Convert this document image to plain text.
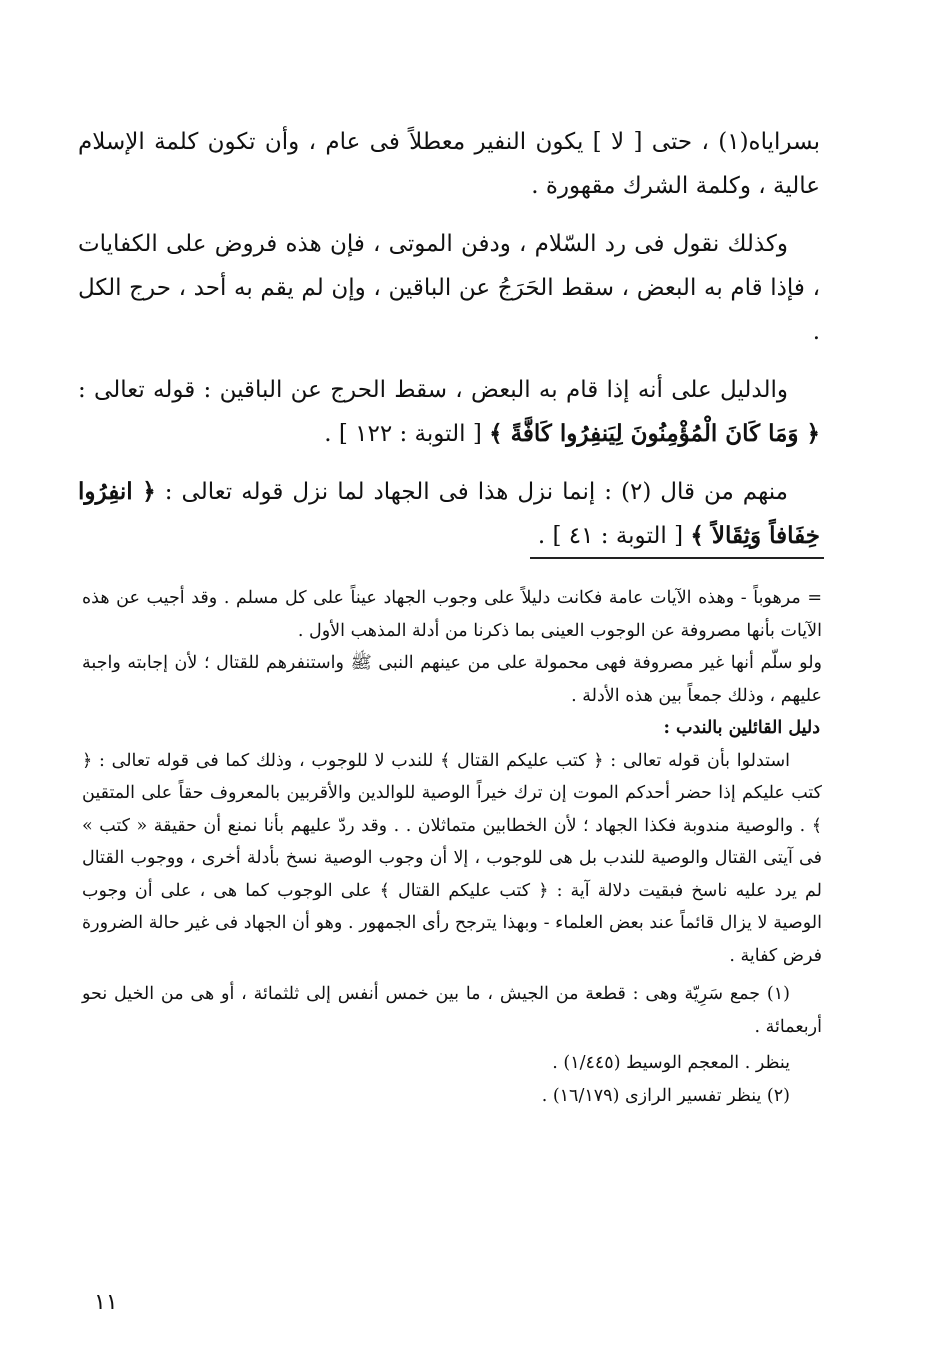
بسراياه(١) ، حتى [ لا ] يكون النفير معطلاً فى عام ، وأن تكون كلمة الإسلام عالية ، وكلمة الشرك مقهورة .

وكذلك نقول فى رد السّلام ، ودفن الموتى ، فإن هذه فروض على الكفايات ، فإذا قام به البعض ، سقط الحَرَجُ عن الباقين ، وإن لم يقم به أحد ، حرج الكل .

والدليل على أنه إذا قام به البعض ، سقط الحرج عن الباقين : قوله تعالى : ﴿ وَمَا كَانَ الْمُؤْمِنُونَ لِيَنفِرُوا كَافَّةً ﴾ [ التوبة : ١٢٢ ] .

منهم من قال (٢) : إنما نزل هذا فى الجهاد لما نزل قوله تعالى : ﴿ انفِرُوا خِفَافاً وَثِقَالاً ﴾ [ التوبة : ٤١ ] .

= مرهوباً - وهذه الآيات عامة فكانت دليلاً على وجوب الجهاد عيناً على كل مسلم . وقد أجيب عن هذه الآيات بأنها مصروفة عن الوجوب العينى بما ذكرنا من أدلة المذهب الأول .

ولو سلّم أنها غير مصروفة فهى محمولة على من عينهم النبى ﷺ واستنفرهم للقتال ؛ لأن إجابته واجبة عليهم ، وذلك جمعاً بين هذه الأدلة .

دليل القائلين بالندب :

استدلوا بأن قوله تعالى : ﴿ كتب عليكم القتال ﴾ للندب لا للوجوب ، وذلك كما فى قوله تعالى : ﴿ كتب عليكم إذا حضر أحدكم الموت إن ترك خيراً الوصية للوالدين والأقربين بالمعروف حقاً على المتقين ﴾ . والوصية مندوبة فكذا الجهاد ؛ لأن الخطابين متماثلان . . وقد ردّ عليهم بأنا نمنع أن حقيقة « كتب » فى آيتى القتال والوصية للندب بل هى للوجوب ، إلا أن وجوب الوصية نسخ بأدلة أخرى ، ووجوب القتال لم يرد عليه ناسخ فبقيت دلالة آية : ﴿ كتب عليكم القتال ﴾ على الوجوب كما هى ، على أن وجوب الوصية لا يزال قائماً عند بعض العلماء - وبهذا يترجح رأى الجمهور . وهو أن الجهاد فى غير حالة الضرورة فرض كفاية .

(١) جمع سَرِيّة وهى : قطعة من الجيش ، ما بين خمس أنفس إلى ثلثمائة ، أو هى من الخيل نحو أربعمائة .

ينظر . المعجم الوسيط (١/٤٤٥) .

(٢) ينظر تفسير الرازى (١٦/١٧٩) .

١١
